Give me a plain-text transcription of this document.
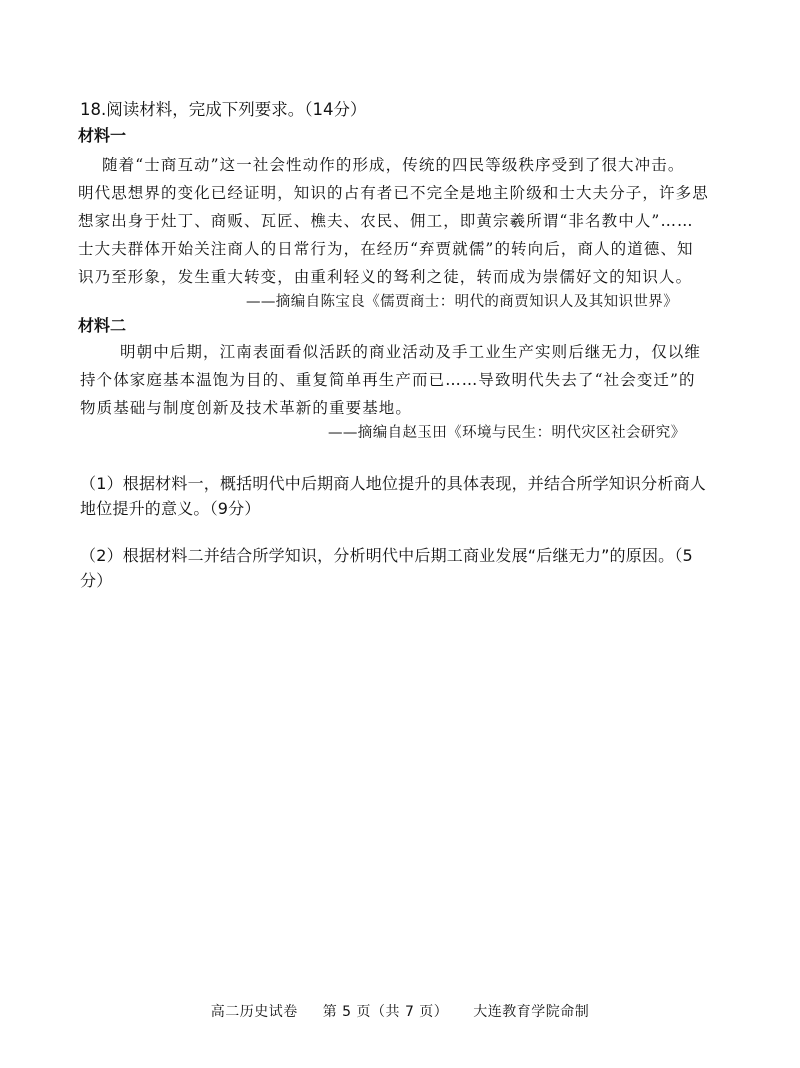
18.阅读材料，完成下列要求。（14分）
材料一
随着“士商互动”这一社会性动作的形成，传统的四民等级秩序受到了很大冲击。
明代思想界的变化已经证明，知识的占有者已不完全是地主阶级和士大夫分子，许多思
想家出身于灶丁、商贩、瓦匠、樵夫、农民、佣工，即黄宗羲所谓“非名教中人”……
士大夫群体开始关注商人的日常行为，在经历“弃贾就儒”的转向后，商人的道德、知
识乃至形象，发生重大转变，由重利轻义的驽利之徒，转而成为崇儒好文的知识人。
——摘编自陈宝良《儒贾商士：明代的商贾知识人及其知识世界》
材料二
明朝中后期，江南表面看似活跃的商业活动及手工业生产实则后继无力，仅以维
持个体家庭基本温饱为目的、重复简单再生产而已……导致明代失去了“社会变迁”的
物质基础与制度创新及技术革新的重要基地。
——摘编自赵玉田《环境与民生：明代灾区社会研究》
（1）根据材料一，概括明代中后期商人地位提升的具体表现，并结合所学知识分析商人
地位提升的意义。（9分）
（2）根据材料二并结合所学知识，分析明代中后期工商业发展“后继无力”的原因。（5
分）
高二历史试卷 第 5 页（共 7 页） 大连教育学院命制
